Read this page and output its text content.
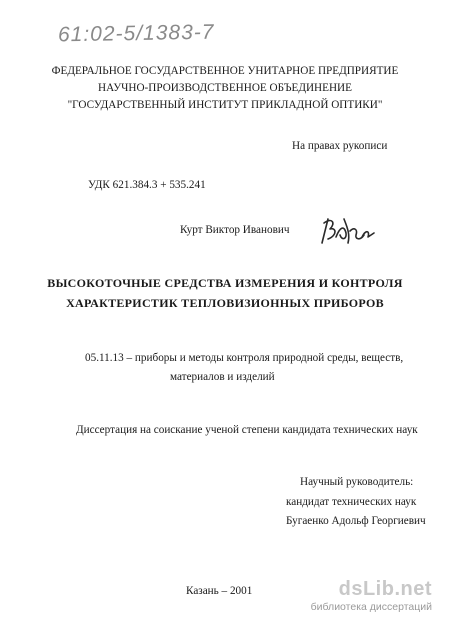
61:02-5/1383-7
ФЕДЕРАЛЬНОЕ ГОСУДАРСТВЕННОЕ УНИТАРНОЕ ПРЕДПРИЯТИЕ
НАУЧНО-ПРОИЗВОДСТВЕННОЕ ОБЪЕДИНЕНИЕ
"ГОСУДАРСТВЕННЫЙ ИНСТИТУТ ПРИКЛАДНОЙ ОПТИКИ"
На правах рукописи
УДК 621.384.3 + 535.241
Курт Виктор Иванович
ВЫСОКОТОЧНЫЕ СРЕДСТВА ИЗМЕРЕНИЯ И КОНТРОЛЯ
ХАРАКТЕРИСТИК ТЕПЛОВИЗИОННЫХ ПРИБОРОВ
05.11.13 – приборы и методы контроля природной среды, веществ,
материалов и изделий
Диссертация на соискание ученой степени кандидата технических наук
Научный руководитель:
кандидат технических наук
Бугаенко Адольф Георгиевич
Казань – 2001	dsLib.net
библиотека диссертаций
